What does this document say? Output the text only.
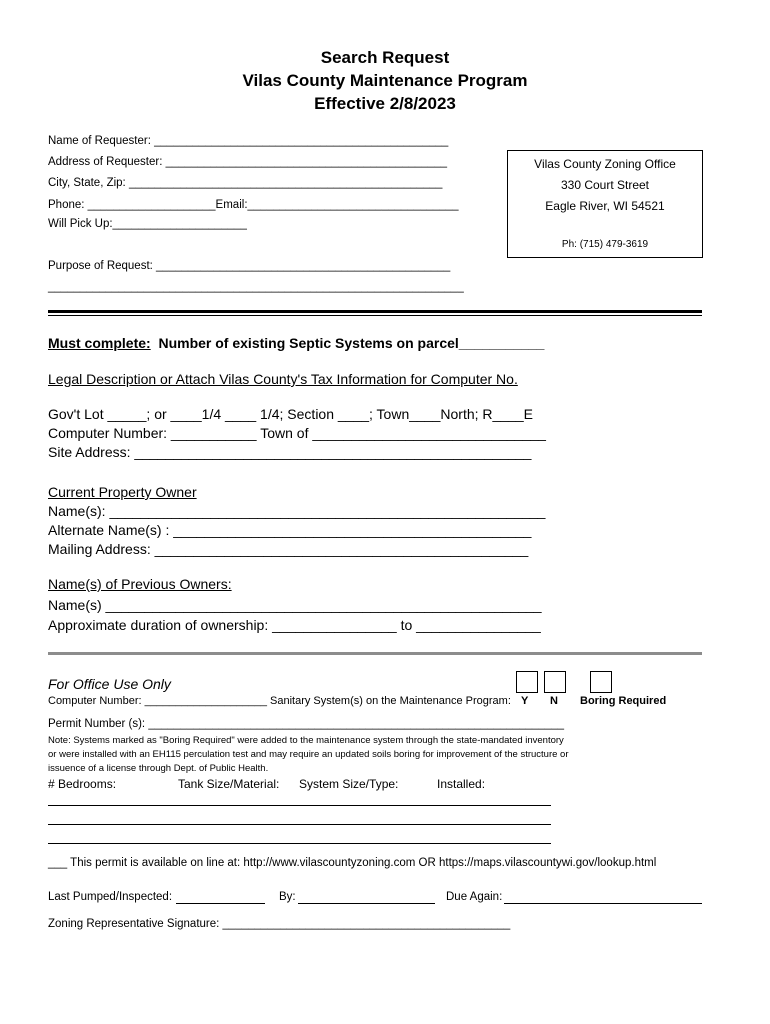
Search Request
Vilas County Maintenance Program
Effective 2/8/2023
Name of Requester: ______________________________________________
Address of Requester: ____________________________________________
City, State, Zip: _________________________________________________
Phone: ____________________Email:_________________________________
Will Pick Up:_____________________
Purpose of Request: ______________________________________________
_________________________________________________________________
Vilas County Zoning Office
330 Court Street
Eagle River, WI 54521
Ph: (715) 479-3619
Must complete: Number of existing Septic Systems on parcel___________
Legal Description or Attach Vilas County's Tax Information for Computer No.
Gov't Lot _____; or ____1/4 ____ 1/4; Section ____; Town____North; R____E
Computer Number: ___________ Town of ______________________________
Site Address: ___________________________________________________
Current Property Owner
Name(s): ________________________________________________________
Alternate Name(s) : ______________________________________________
Mailing Address: ________________________________________________
Name(s) of Previous Owners:
Name(s) ________________________________________________________
Approximate duration of ownership: ________________ to ________________
For Office Use Only
Computer Number: ____________________ Sanitary System(s) on the Maintenance Program: Y N Boring Required
Permit Number (s): _________________________________________________________________
Note: Systems marked as "Boring Required" were added to the maintenance system through the state-mandated inventory
or were installed with an EH115 perculation test and may require an updated soils boring for improvement of the structure or
issuence of a license through Dept. of Public Health.
# Bedrooms:	Tank Size/Material: System Size/Type:	Installed:
___ This permit is available on line at: http://www.vilascountyzoning.com OR https://maps.vilascountywi.gov/lookup.html
Last Pumped/Inspected:	By:	Due Again:
Zoning Representative Signature: _____________________________________________
